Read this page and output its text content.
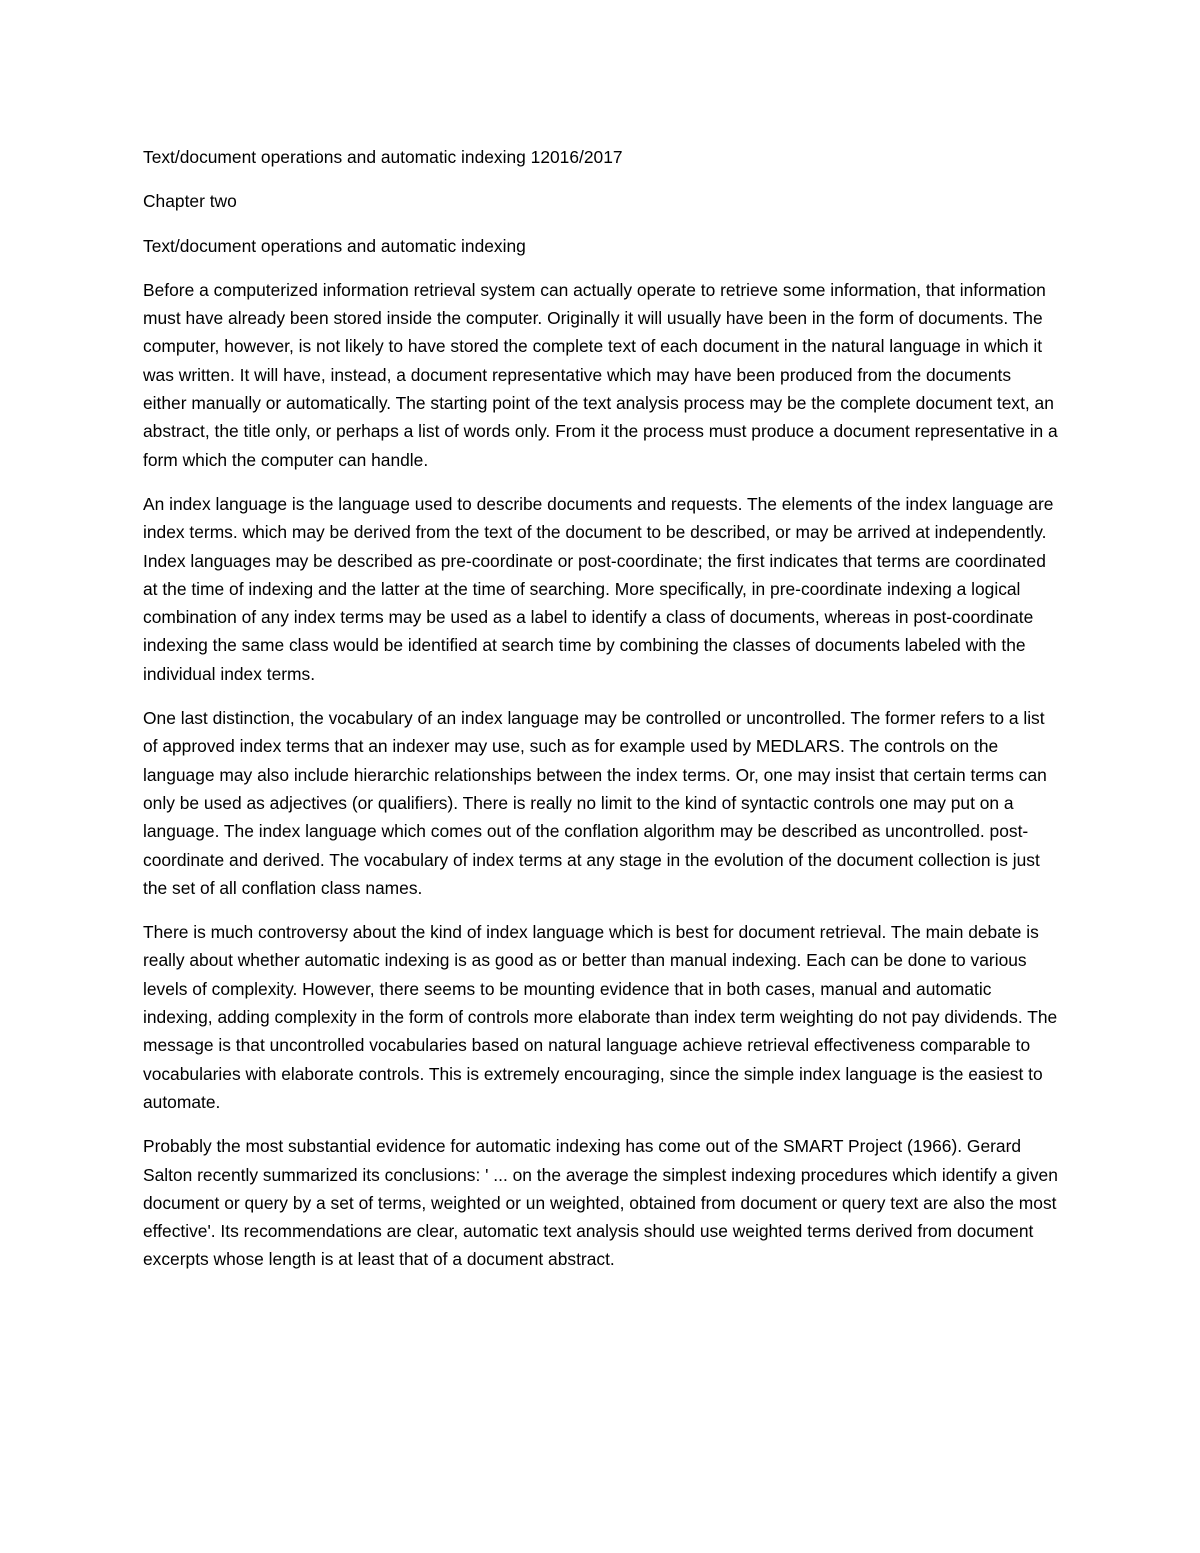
Text/document operations and automatic indexing 12016/2017

Chapter two

Text/document operations and automatic indexing

Before a computerized information retrieval system can actually operate to retrieve some information, that information must have already been stored inside the computer. Originally it will usually have been in the form of documents. The computer, however, is not likely to have stored the complete text of each document in the natural language in which it was written. It will have, instead, a document representative which may have been produced from the documents either manually or automatically. The starting point of the text analysis process may be the complete document text, an abstract, the title only, or perhaps a list of words only. From it the process must produce a document representative in a form which the computer can handle.

An index language is the language used to describe documents and requests. The elements of the index language are index terms. which may be derived from the text of the document to be described, or may be arrived at independently. Index languages may be described as pre-coordinate or post-coordinate; the first indicates that terms are coordinated at the time of indexing and the latter at the time of searching. More specifically, in pre-coordinate indexing a logical combination of any index terms may be used as a label to identify a class of documents, whereas in post-coordinate indexing the same class would be identified at search time by combining the classes of documents labeled with the individual index terms.

One last distinction, the vocabulary of an index language may be controlled or uncontrolled. The former refers to a list of approved index terms that an indexer may use, such as for example used by MEDLARS. The controls on the language may also include hierarchic relationships between the index terms. Or, one may insist that certain terms can only be used as adjectives (or qualifiers). There is really no limit to the kind of syntactic controls one may put on a language. The index language which comes out of the conflation algorithm may be described as uncontrolled. post-coordinate and derived. The vocabulary of index terms at any stage in the evolution of the document collection is just the set of all conflation class names.

There is much controversy about the kind of index language which is best for document retrieval. The main debate is really about whether automatic indexing is as good as or better than manual indexing. Each can be done to various levels of complexity. However, there seems to be mounting evidence that in both cases, manual and automatic indexing, adding complexity in the form of controls more elaborate than index term weighting do not pay dividends. The message is that uncontrolled vocabularies based on natural language achieve retrieval effectiveness comparable to vocabularies with elaborate controls. This is extremely encouraging, since the simple index language is the easiest to automate.

Probably the most substantial evidence for automatic indexing has come out of the SMART Project (1966). Gerard Salton recently summarized its conclusions: ' ... on the average the simplest indexing procedures which identify a given document or query by a set of terms, weighted or un weighted, obtained from document or query text are also the most effective'. Its recommendations are clear, automatic text analysis should use weighted terms derived from document excerpts whose length is at least that of a document abstract.
